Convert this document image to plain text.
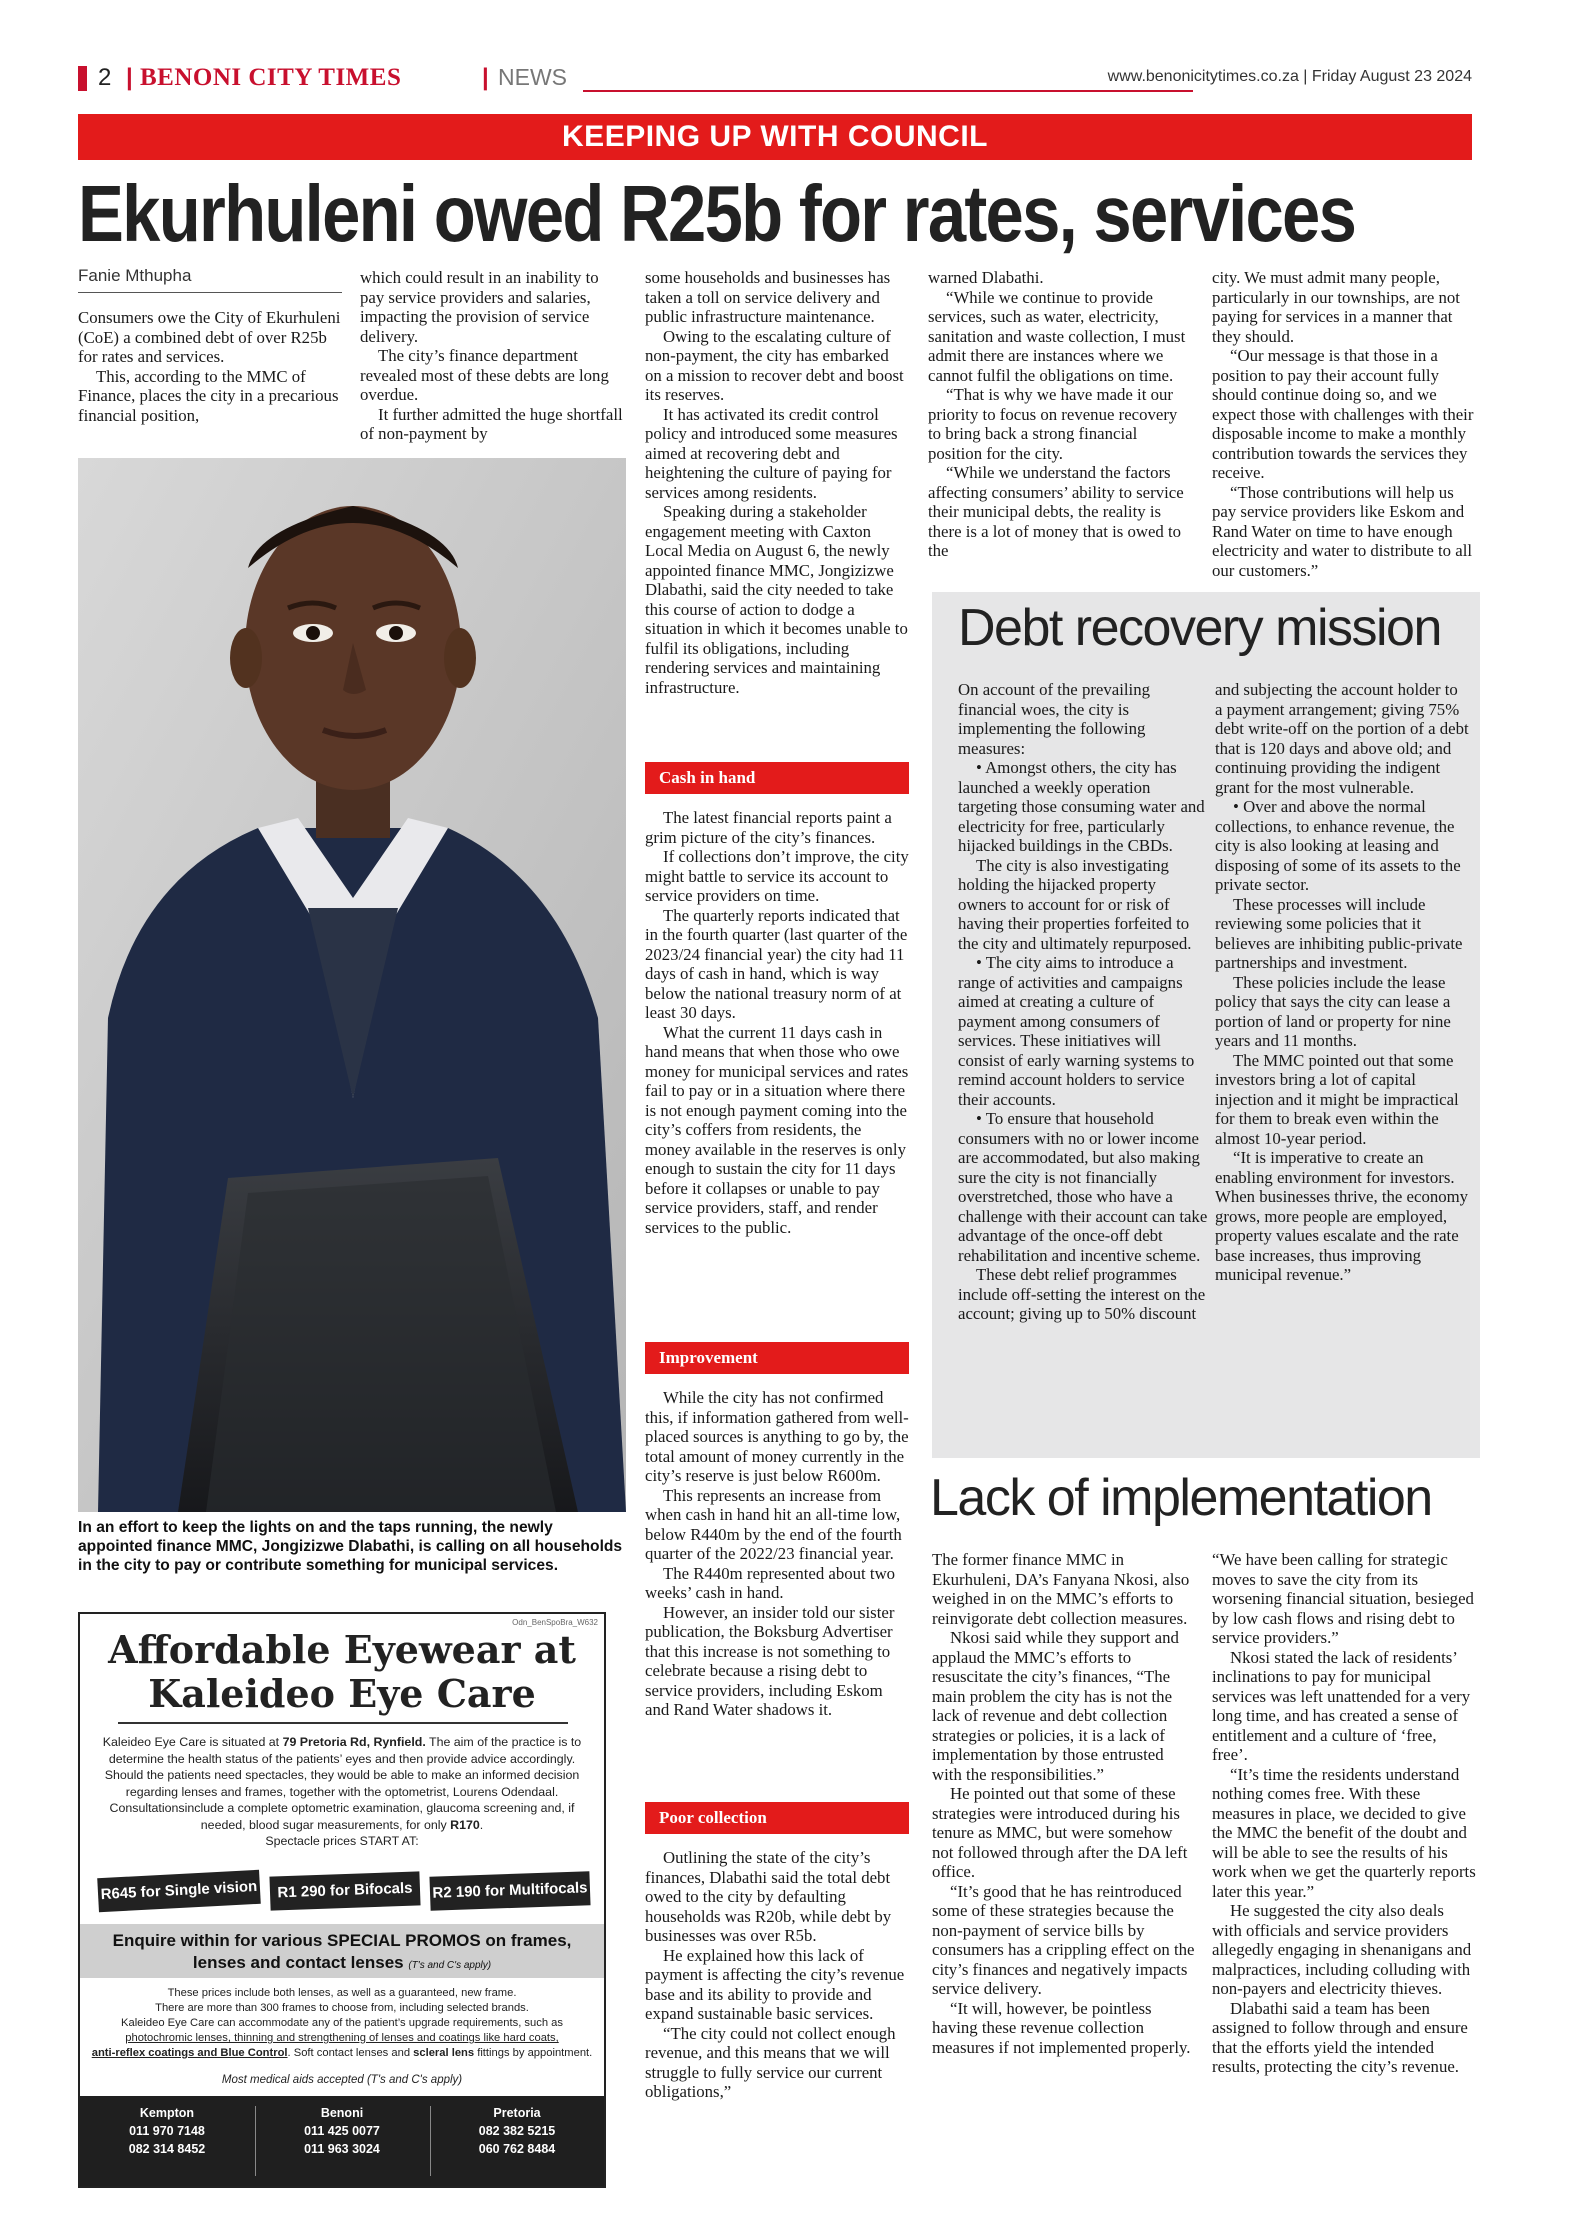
2 | BENONI CITY TIMES	| NEWS	www.benonicitytimes.co.za | Friday August 23 2024
KEEPING UP WITH COUNCIL
Ekurhuleni owed R25b for rates, services
Fanie Mthupha

Consumers owe the City of Ekurhuleni (CoE) a combined debt of over R25b for rates and services.

This, according to the MMC of Finance, places the city in a precarious financial position,

which could result in an inability to pay service providers and salaries, impacting the provision of service delivery.

The city’s finance department revealed most of these debts are long overdue.

It further admitted the huge shortfall of non-payment by

In an effort to keep the lights on and the taps running, the newly appointed finance MMC, Jongizizwe Dlabathi, is calling on all households in the city to pay or contribute something for municipal services.

some households and businesses has taken a toll on service delivery and public infrastructure maintenance.

Owing to the escalating culture of non-payment, the city has embarked on a mission to recover debt and boost its reserves.

It has activated its credit control policy and introduced some measures aimed at recovering debt and heightening the culture of paying for services among residents.

Speaking during a stakeholder engagement meeting with Caxton Local Media on August 6, the newly appointed finance MMC, Jongizizwe Dlabathi, said the city needed to take this course of action to dodge a situation in which it becomes unable to fulfil its obligations, including rendering services and maintaining infrastructure.

Cash in hand

The latest financial reports paint a grim picture of the city’s finances.

If collections don’t improve, the city might battle to service its account to service providers on time.

The quarterly reports indicated that in the fourth quarter (last quarter of the 2023/24 financial year) the city had 11 days of cash in hand, which is way below the national treasury norm of at least 30 days.

What the current 11 days cash in hand means that when those who owe money for municipal services and rates fail to pay or in a situation where there is not enough payment coming into the city’s coffers from residents, the money available in the reserves is only enough to sustain the city for 11 days before it collapses or unable to pay service providers, staff, and render services to the public.

Improvement

While the city has not confirmed this, if information gathered from well-placed sources is anything to go by, the total amount of money currently in the city’s reserve is just below R600m.

This represents an increase from when cash in hand hit an all-time low, below R440m by the end of the fourth quarter of the 2022/23 financial year.

The R440m represented about two weeks’ cash in hand.

However, an insider told our sister publication, the Boksburg Advertiser that this increase is not something to celebrate because a rising debt to service providers, including Eskom and Rand Water shadows it.

Poor collection

Outlining the state of the city’s finances, Dlabathi said the total debt owed to the city by defaulting households was R20b, while debt by businesses was over R5b.

He explained how this lack of payment is affecting the city’s revenue base and its ability to provide and expand sustainable basic services.

“The city could not collect enough revenue, and this means that we will struggle to fully service our current obligations,”

warned Dlabathi.

“While we continue to provide services, such as water, electricity, sanitation and waste collection, I must admit there are instances where we cannot fulfil the obligations on time.

“That is why we have made it our priority to focus on revenue recovery to bring back a strong financial position for the city.

“While we understand the factors affecting consumers’ ability to service their municipal debts, the reality is there is a lot of money that is owed to the

city. We must admit many people, particularly in our townships, are not paying for services in a manner that they should.

“Our message is that those in a position to pay their account fully should continue doing so, and we expect those with challenges with their disposable income to make a monthly contribution towards the services they receive.

“Those contributions will help us pay service providers like Eskom and Rand Water on time to have enough electricity and water to distribute to all our customers.”

Debt recovery mission

On account of the prevailing financial woes, the city is implementing the following measures:

• Amongst others, the city has launched a weekly operation targeting those consuming water and electricity for free, particularly hijacked buildings in the CBDs.

The city is also investigating holding the hijacked property owners to account for or risk of having their properties forfeited to the city and ultimately repurposed.

• The city aims to introduce a range of activities and campaigns aimed at creating a culture of payment among consumers of services. These initiatives will consist of early warning systems to remind account holders to service their accounts.

• To ensure that household consumers with no or lower income are accommodated, but also making sure the city is not financially overstretched, those who have a challenge with their account can take advantage of the once-off debt rehabilitation and incentive scheme.

These debt relief programmes include off-setting the interest on the account; giving up to 50% discount

and subjecting the account holder to a payment arrangement; giving 75% debt write-off on the portion of a debt that is 120 days and above old; and continuing providing the indigent grant for the most vulnerable.

• Over and above the normal collections, to enhance revenue, the city is also looking at leasing and disposing of some of its assets to the private sector.

These processes will include reviewing some policies that it believes are inhibiting public-private partnerships and investment.

These policies include the lease policy that says the city can lease a portion of land or property for nine years and 11 months.

The MMC pointed out that some investors bring a lot of capital injection and it might be impractical for them to break even within the almost 10-year period.

“It is imperative to create an enabling environment for investors. When businesses thrive, the economy grows, more people are employed, property values escalate and the rate base increases, thus improving municipal revenue.”

Lack of implementation

The former finance MMC in Ekurhuleni, DA’s Fanyana Nkosi, also weighed in on the MMC’s efforts to reinvigorate debt collection measures.

Nkosi said while they support and applaud the MMC’s efforts to resuscitate the city’s finances, “The main problem the city has is not the lack of revenue and debt collection strategies or policies, it is a lack of implementation by those entrusted with the responsibilities.”

He pointed out that some of these strategies were introduced during his tenure as MMC, but were somehow not followed through after the DA left office.

“It’s good that he has reintroduced some of these strategies because the non-payment of service bills by consumers has a crippling effect on the city’s finances and negatively impacts service delivery.

“It will, however, be pointless having these revenue collection measures if not implemented properly.

“We have been calling for strategic moves to save the city from its worsening financial situation, besieged by low cash flows and rising debt to service providers.”

Nkosi stated the lack of residents’ inclinations to pay for municipal services was left unattended for a very long time, and has created a sense of entitlement and a culture of ‘free, free’.

“It’s time the residents understand nothing comes free. With these measures in place, we decided to give the MMC the benefit of the doubt and will be able to see the results of his work when we get the quarterly reports later this year.”

He suggested the city also deals with officials and service providers allegedly engaging in shenanigans and malpractices, including colluding with non-payers and electricity thieves.

Dlabathi said a team has been assigned to follow through and ensure that the efforts yield the intended results, protecting the city’s revenue.

Odn_BenSpoBra_W632
Affordable Eyewear at
Kaleideo Eye Care
Kaleideo Eye Care is situated at 79 Pretoria Rd, Rynfield. The aim of the practice is to determine the health status of the patients’ eyes and then provide advice accordingly. Should the patients need spectacles, they would be able to make an informed decision regarding lenses and frames, together with the optometrist, Lourens Odendaal. Consultationsinclude a complete optometric examination, glaucoma screening and, if needed, blood sugar measurements, for only R170.
Spectacle prices START AT:
R645 for Single vision	R1 290 for Bifocals	R2 190 for Multifocals
Enquire within for various SPECIAL PROMOS on frames,
lenses and contact lenses (T's and C's apply)
These prices include both lenses, as well as a guaranteed, new frame.
There are more than 300 frames to choose from, including selected brands.
Kaleideo Eye Care can accommodate any of the patient’s upgrade requirements, such as
photochromic lenses, thinning and strengthening of lenses and coatings like hard coats,
anti-reflex coatings and Blue Control. Soft contact lenses and scleral lens fittings by appointment.
Most medical aids accepted (T's and C's apply)
Kempton
011 970 7148
082 314 8452
Benoni
011 425 0077
011 963 3024
Pretoria
082 382 5215
060 762 8484
